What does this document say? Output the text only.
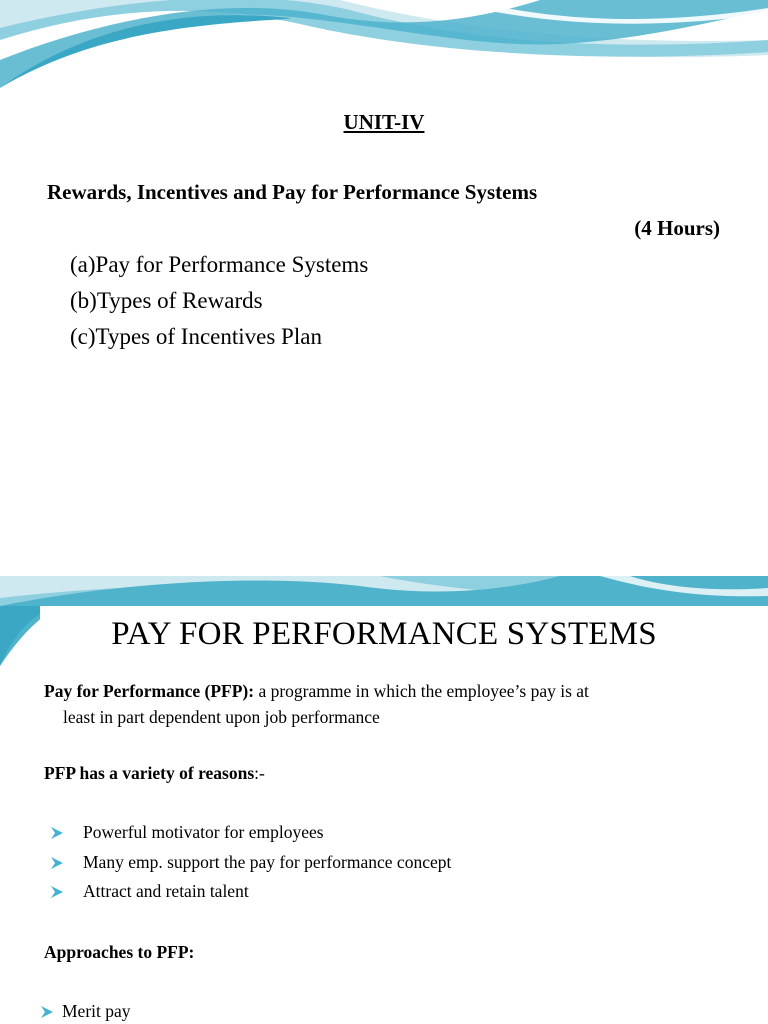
UNIT-IV

Rewards, Incentives and Pay for Performance Systems

(4 Hours)

(a)Pay for Performance Systems

(b)Types of Rewards

(c)Types of Incentives Plan

PAY FOR PERFORMANCE SYSTEMS

Pay for Performance (PFP): a programme in which the employee’s pay is at
least in part dependent upon job performance

PFP has a variety of reasons:-

Powerful motivator for employees
Many emp. support the pay for performance concept
Attract and retain talent

Approaches to PFP:

Merit pay
